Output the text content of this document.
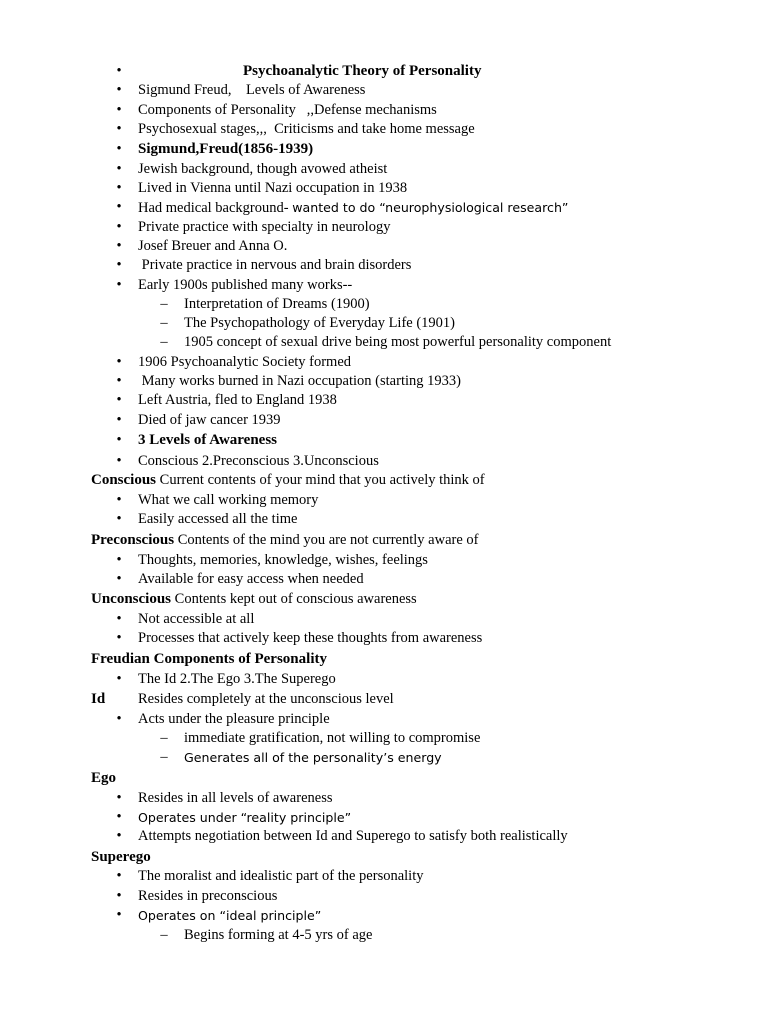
•	Psychoanalytic Theory of Personality
• Sigmund Freud,    Levels of Awareness
• Components of Personality   ,,Defense mechanisms
• Psychosexual stages,,,  Criticisms and take home message
• Sigmund,Freud(1856-1939)
• Jewish background, though avowed atheist
• Lived in Vienna until Nazi occupation in 1938
• Had medical background- wanted to do “neurophysiological research”
• Private practice with specialty in neurology
• Josef Breuer and Anna O.
• Private practice in nervous and brain disorders
• Early 1900s published many works--
– Interpretation of Dreams (1900)
– The Psychopathology of Everyday Life (1901)
– 1905 concept of sexual drive being most powerful personality component
• 1906 Psychoanalytic Society formed
• Many works burned in Nazi occupation (starting 1933)
• Left Austria, fled to England 1938
• Died of jaw cancer 1939
• 3 Levels of Awareness
• Conscious 2.Preconscious 3.Unconscious
Conscious Current contents of your mind that you actively think of
• What we call working memory
• Easily accessed all the time
Preconscious Contents of the mind you are not currently aware of
• Thoughts, memories, knowledge, wishes, feelings
• Available for easy access when needed
Unconscious Contents kept out of conscious awareness
• Not accessible at all
• Processes that actively keep these thoughts from awareness
Freudian Components of Personality
• The Id 2.The Ego 3.The Superego
Id Resides completely at the unconscious level
• Acts under the pleasure principle
– immediate gratification, not willing to compromise
– Generates all of the personality’s energy
Ego
• Resides in all levels of awareness
• Operates under “reality principle”
• Attempts negotiation between Id and Superego to satisfy both realistically
Superego
• The moralist and idealistic part of the personality
• Resides in preconscious
• Operates on “ideal principle”
– Begins forming at 4-5 yrs of age
